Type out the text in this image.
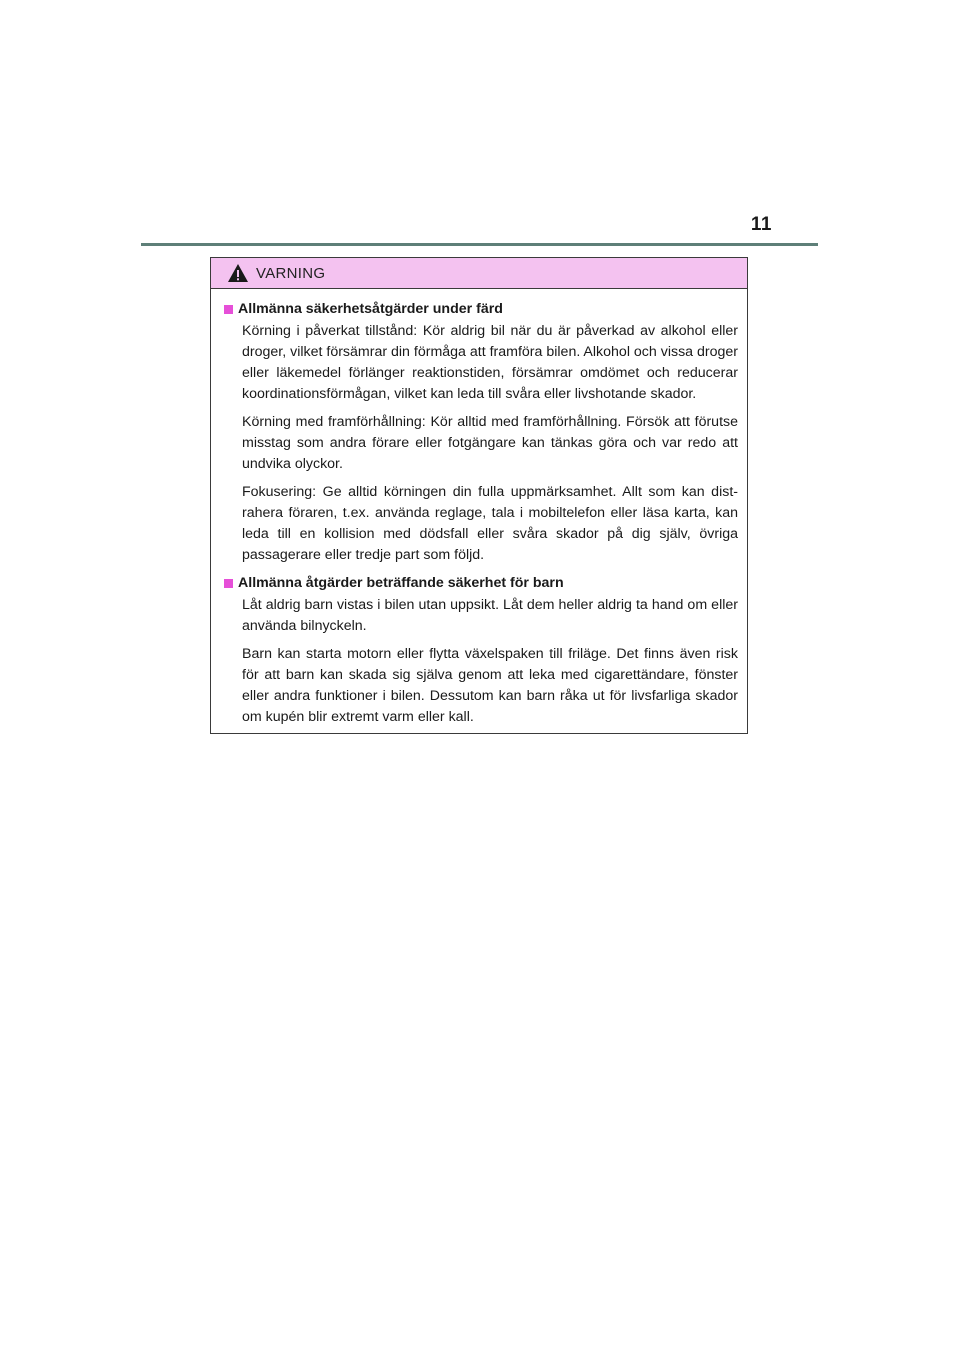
11
VARNING
Allmänna säkerhetsåtgärder under färd

Körning i påverkat tillstånd: Kör aldrig bil när du är påverkad av alkohol eller droger, vilket försämrar din förmåga att framföra bilen. Alkohol och vissa droger eller läkemedel förlänger reaktionstiden, försämrar omdömet och reducerar koordinationsförmågan, vilket kan leda till svåra eller livshotande skador.

Körning med framförhållning: Kör alltid med framförhållning. Försök att förutse misstag som andra förare eller fotgängare kan tänkas göra och var redo att undvika olyckor.

Fokusering: Ge alltid körningen din fulla uppmärksamhet. Allt som kan dist-rahera föraren, t.ex. använda reglage, tala i mobiltelefon eller läsa karta, kan leda till en kollision med dödsfall eller svåra skador på dig själv, övriga passagerare eller tredje part som följd.

Allmänna åtgärder beträffande säkerhet för barn

Låt aldrig barn vistas i bilen utan uppsikt. Låt dem heller aldrig ta hand om eller använda bilnyckeln.

Barn kan starta motorn eller flytta växelspaken till friläge. Det finns även risk för att barn kan skada sig själva genom att leka med cigarettändare, fönster eller andra funktioner i bilen. Dessutom kan barn råka ut för livsfarliga skador om kupén blir extremt varm eller kall.
